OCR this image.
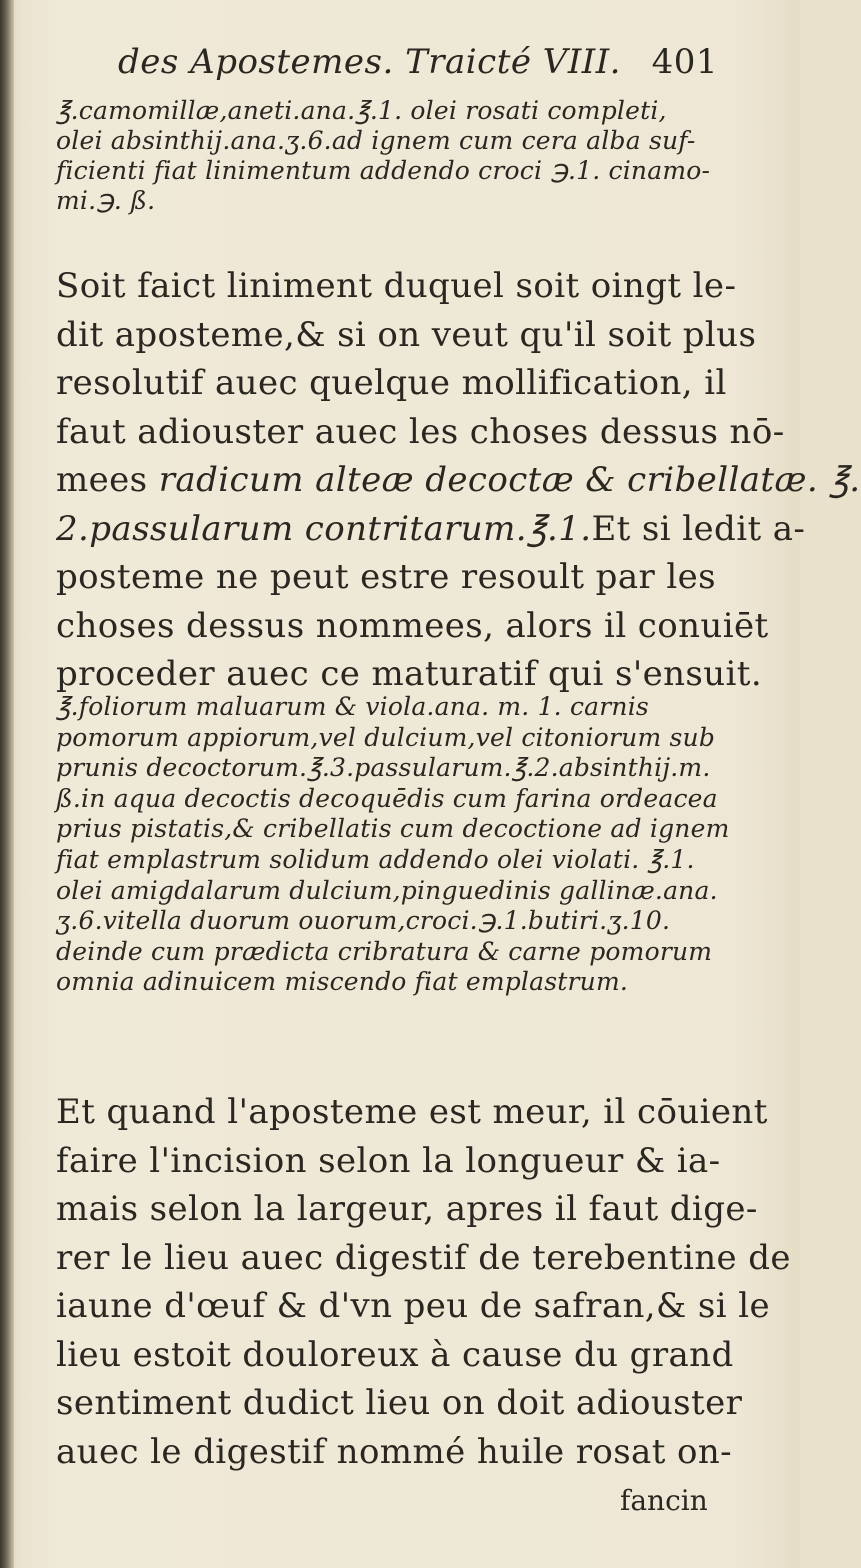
des Apostemes. Traicté VIII. 401
℥.camomillæ,aneti.ana.℥.1. olei rosati completi,
olei absinthij.ana.ʒ.6.ad ignem cum cera alba suf-
ficienti fiat linimentum addendo croci ℈.1. cinamo-
mi.℈. ß.
Soit faict liniment duquel soit oingt le-
dit aposteme,& si on veut qu'il soit plus
resolutif auec quelque mollification, il
faut adiouster auec les choses dessus nō-
mees radicum alteæ decoctæ & cribellatæ. ℥.
2.passularum contritarum.℥.1.Et si ledit a-
posteme ne peut estre resoult par les
choses dessus nommees, alors il conuiēt
proceder auec ce maturatif qui s'ensuit.
℥.foliorum maluarum & viola.ana. m. 1. carnis
pomorum appiorum,vel dulcium,vel citoniorum sub
prunis decoctorum.℥.3.passularum.℥.2.absinthij.m.
ß.in aqua decoctis decoquēdis cum farina ordeacea
prius pistatis,& cribellatis cum decoctione ad ignem
fiat emplastrum solidum addendo olei violati. ℥.1.
olei amigdalarum dulcium,pinguedinis gallinæ.ana.
ʒ.6.vitella duorum ouorum,croci.℈.1.butiri.ʒ.10.
deinde cum prædicta cribratura & carne pomorum
omnia adinuicem miscendo fiat emplastrum.
Et quand l'aposteme est meur, il cōuient
faire l'incision selon la longueur & ia-
mais selon la largeur, apres il faut dige-
rer le lieu auec digestif de terebentine de
iaune d'œuf & d'vn peu de safran,& si le
lieu estoit douloreux à cause du grand
sentiment dudict lieu on doit adiouster
auec le digestif nommé huile rosat on-
fancin
